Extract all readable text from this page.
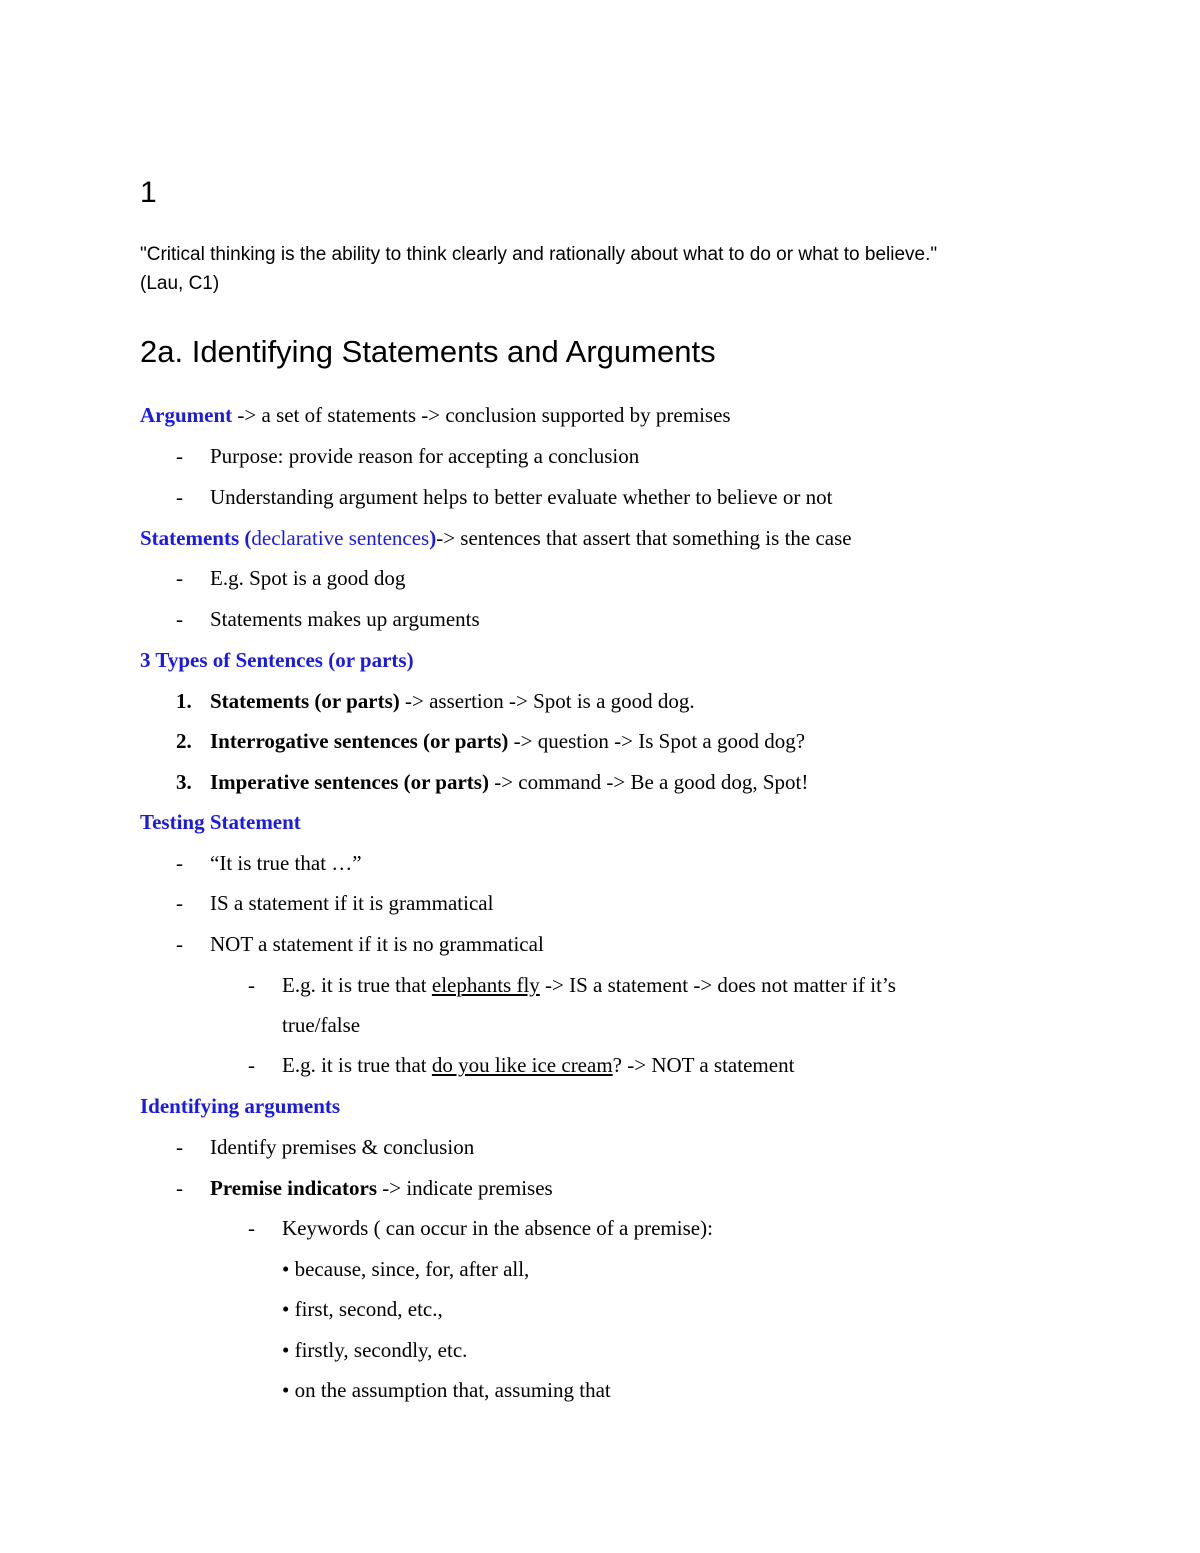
1
"Critical thinking is the ability to think clearly and rationally about what to do or what to believe."
(Lau, C1)
2a. Identifying Statements and Arguments
Argument -> a set of statements -> conclusion supported by premises
- Purpose: provide reason for accepting a conclusion
- Understanding argument helps to better evaluate whether to believe or not
Statements (declarative sentences)-> sentences that assert that something is the case
- E.g. Spot is a good dog
- Statements makes up arguments
3 Types of Sentences (or parts)
1. Statements (or parts) -> assertion -> Spot is a good dog.
2. Interrogative sentences (or parts) -> question -> Is Spot a good dog?
3. Imperative sentences (or parts) -> command -> Be a good dog, Spot!
Testing Statement
- “It is true that …”
- IS a statement if it is grammatical
- NOT a statement if it is no grammatical
- E.g. it is true that elephants fly -> IS a statement -> does not matter if it’s
true/false
- E.g. it is true that do you like ice cream? -> NOT a statement
Identifying arguments
- Identify premises & conclusion
- Premise indicators -> indicate premises
- Keywords ( can occur in the absence of a premise):
• because, since, for, after all,
• first, second, etc.,
• firstly, secondly, etc.
• on the assumption that, assuming that
